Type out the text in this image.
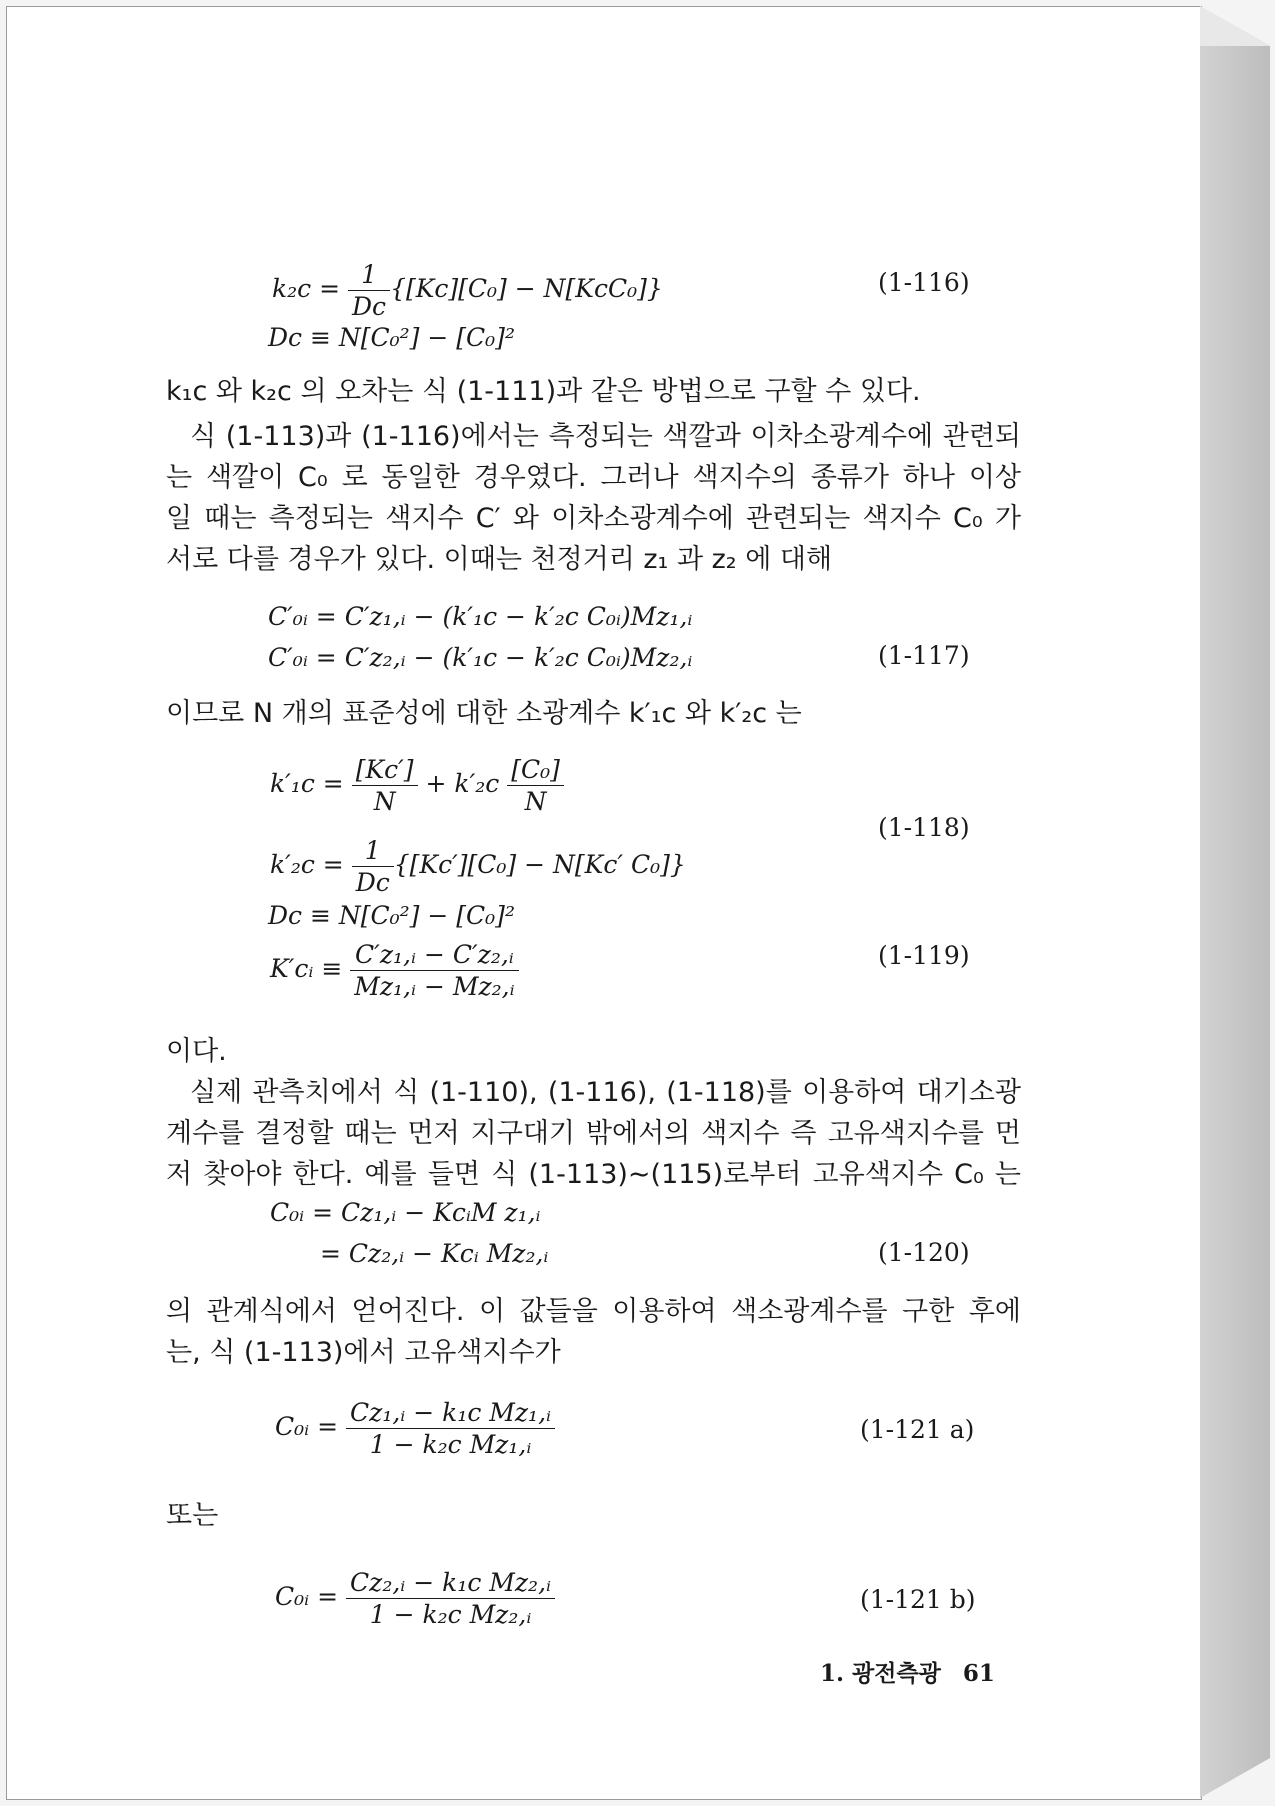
$k_2c = \frac{1}{Dc} \{[Kc][C_0] - N[KcC_0]\}$	(1-116)
Dc ≡ N[C₀²] − [C₀]²
k₁c 와 k₂c 의 오차는 식 (1-111)과 같은 방법으로 구할 수 있다.
식 (1-113)과 (1-116)에서는 측정되는 색깔과 이차소광계수에 관련되
는 색깔이 C₀ 로 동일한 경우였다. 그러나 색지수의 종류가 하나 이상
일 때는 측정되는 색지수 C′ 와 이차소광계수에 관련되는 색지수 C₀ 가
서로 다를 경우가 있다. 이때는 천정거리 z₁ 과 z₂ 에 대해
C′₀ᵢ = C′z₁,ᵢ − (k′₁c − k′₂c C₀ᵢ)Mz₁,ᵢ
C′₀ᵢ = C′z₂,ᵢ − (k′₁c − k′₂c C₀ᵢ)Mz₂,ᵢ	(1-117)
이므로 N 개의 표준성에 대한 소광계수 k′₁c 와 k′₂c 는
$k'_1c = \frac{[Kc']}{N} + k'_2c \frac{\text{[C₀]}}{N}$
(1-118)
$k'_2c = \frac{1}{Dc} \{[Kc'][C_0] - N[Kc'$ C₀]}
Dc ≡ N[C₀²] − [C₀]²
K′cᵢ ≡ $\frac{\text{C′z₁,ᵢ − C′z₂,ᵢ}}{\text{Mz₁,ᵢ − Mz₂,ᵢ}}$	(1-119)
이다.
실제 관측치에서 식 (1-110), (1-116), (1-118)를 이용하여 대기소광
계수를 결정할 때는 먼저 지구대기 밖에서의 색지수 즉 고유색지수를 먼
저 찾아야 한다. 예를 들면 식 (1-113)∼(115)로부터 고유색지수 C₀ 는
C₀ᵢ = Cz₁,ᵢ − KcᵢM z₁,ᵢ
= Cz₂,ᵢ − Kcᵢ Mz₂,ᵢ	(1-120)
의 관계식에서 얻어진다. 이 값들을 이용하여 색소광계수를 구한 후에
는, 식 (1-113)에서 고유색지수가
C₀ᵢ = $\frac{\text{Cz₁,ᵢ − k₁c Mz₁,ᵢ}}{\text{1 − k₂c Mz₁,ᵢ}}$	(1-121 a)
또는
C₀ᵢ = $\frac{\text{Cz₂,ᵢ − k₁c Mz₂,ᵢ}}{\text{1 − k₂c Mz₂,ᵢ}}$	(1-121 b)
1. 광전측광 61
